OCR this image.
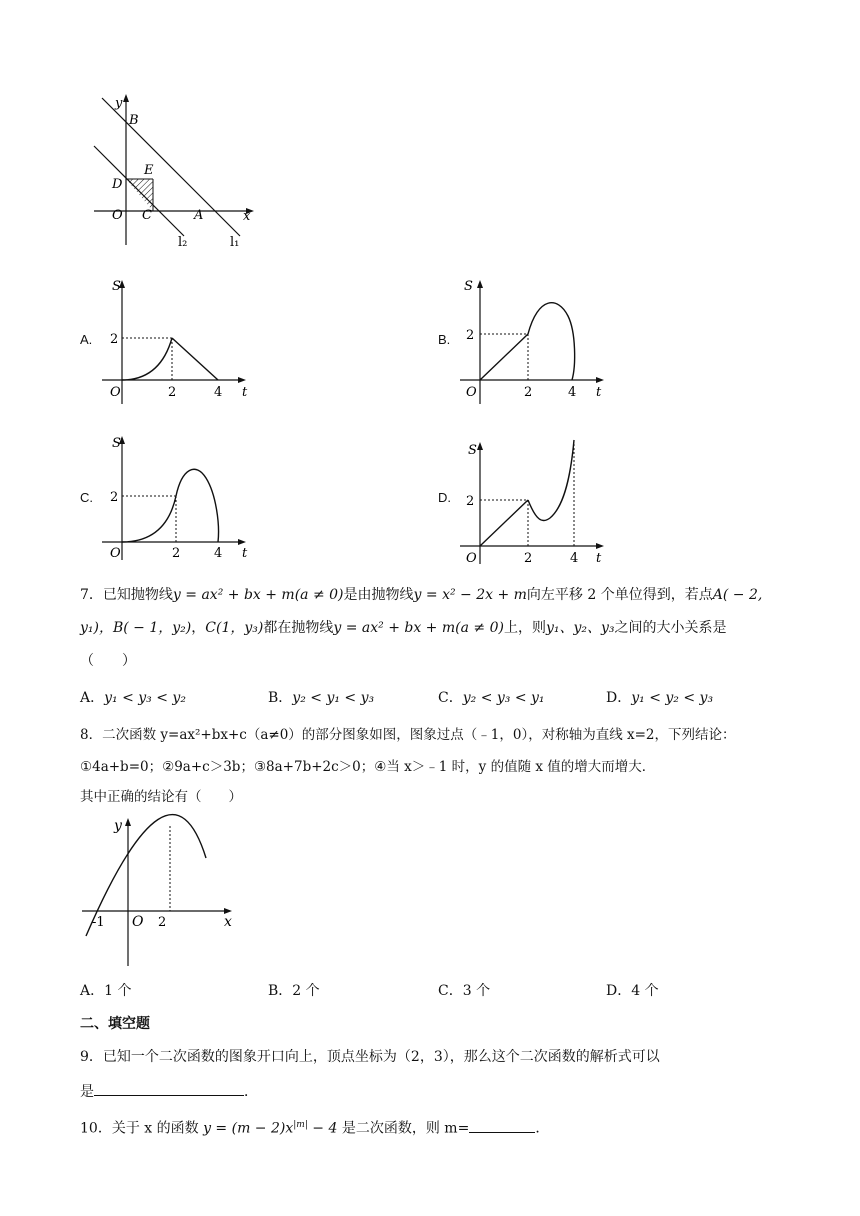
y
B
E
D
O C	A	x
l₂	l₁
A.
S
2
O	2	4 t
B.
S
2
O	2	4 t
C.
S
2
O	2	4 t
D.
S
2
O	2	4 t
7．已知抛物线y = ax² + bx + m(a ≠ 0)是由抛物线y = x² − 2x + m向左平移 2 个单位得到，若点A( − 2,
y₁)，B( − 1，y₂)，C(1，y₃)都在抛物线y = ax² + bx + m(a ≠ 0)上，则y₁、y₂、y₃之间的大小关系是
（　　）
A．y₁ < y₃ < y₂	B．y₂ < y₁ < y₃	C．y₂ < y₃ < y₁	D．y₁ < y₂ < y₃
8．二次函数 y=ax²+bx+c（a≠0）的部分图象如图，图象过点（﹣1，0），对称轴为直线 x=2，下列结论：
①4a+b=0；②9a+c＞3b；③8a+7b+2c＞0；④当 x＞﹣1 时，y 的值随 x 值的增大而增大．
其中正确的结论有（　　）
y
x
O
-1	2
A．1 个	B．2 个	C．3 个	D．4 个
二、填空题
9．已知一个二次函数的图象开口向上，顶点坐标为（2，3），那么这个二次函数的解析式可以
是	．
10．关于 x 的函数 $y = (m - 2)x^{|m|} - 4$ 是二次函数，则 m=	．
